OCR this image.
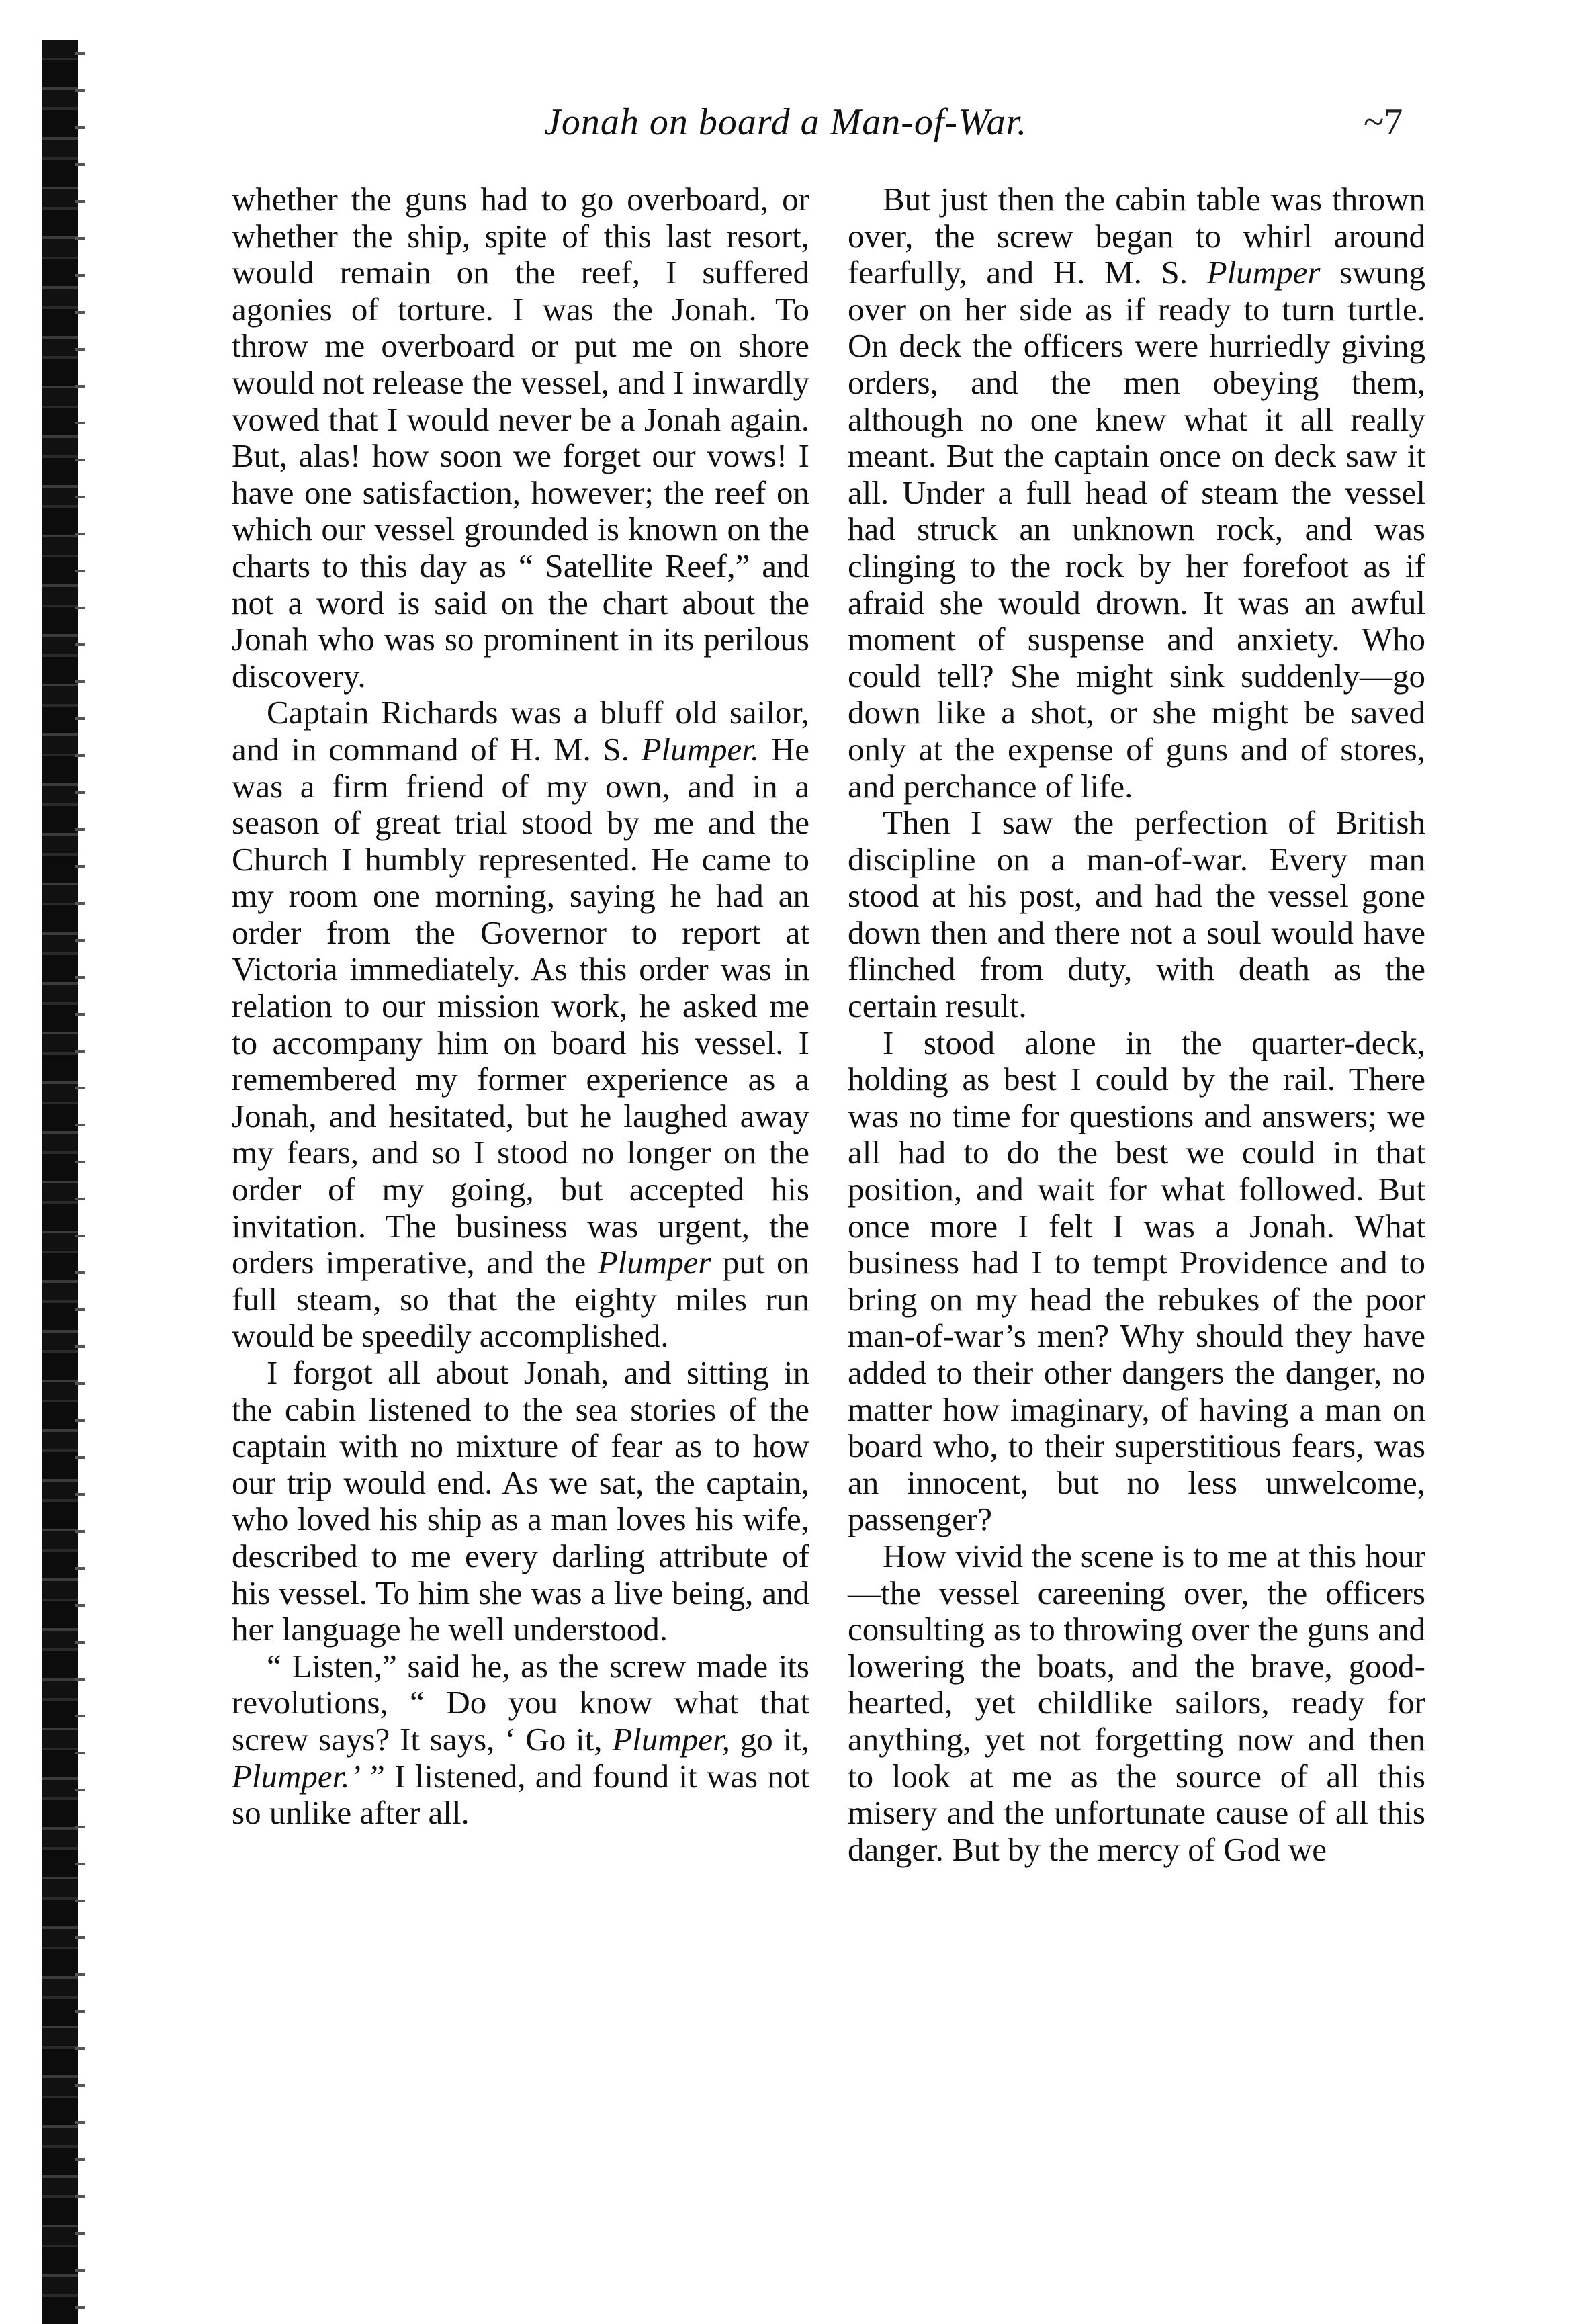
Jonah on board a Man-of-War.	~7

whether the guns had to go overboard, or whether the ship, spite of this last resort, would remain on the reef, I suffered agonies of torture. I was the Jonah. To throw me overboard or put me on shore would not release the vessel, and I inwardly vowed that I would never be a Jonah again. But, alas! how soon we forget our vows! I have one satisfaction, however; the reef on which our vessel grounded is known on the charts to this day as “ Satellite Reef,” and not a word is said on the chart about the Jonah who was so prominent in its perilous discovery.

Captain Richards was a bluff old sailor, and in command of H. M. S. Plumper. He was a firm friend of my own, and in a season of great trial stood by me and the Church I humbly represented. He came to my room one morning, saying he had an order from the Governor to report at Victoria immediately. As this order was in relation to our mission work, he asked me to accompany him on board his vessel. I remembered my former experience as a Jonah, and hesitated, but he laughed away my fears, and so I stood no longer on the order of my going, but accepted his invitation. The business was urgent, the orders imperative, and the Plumper put on full steam, so that the eighty miles run would be speedily accomplished.

I forgot all about Jonah, and sitting in the cabin listened to the sea stories of the captain with no mixture of fear as to how our trip would end. As we sat, the captain, who loved his ship as a man loves his wife, described to me every darling attribute of his vessel. To him she was a live being, and her language he well understood.

“ Listen,” said he, as the screw made its revolutions, “ Do you know what that screw says? It says, ‘ Go it, Plumper, go it, Plumper.’ ” I listened, and found it was not so unlike after all.

But just then the cabin table was thrown over, the screw began to whirl around fearfully, and H. M. S. Plumper swung over on her side as if ready to turn turtle. On deck the officers were hurriedly giving orders, and the men obeying them, although no one knew what it all really meant. But the captain once on deck saw it all. Under a full head of steam the vessel had struck an unknown rock, and was clinging to the rock by her forefoot as if afraid she would drown. It was an awful moment of suspense and anxiety. Who could tell? She might sink suddenly—go down like a shot, or she might be saved only at the expense of guns and of stores, and perchance of life.

Then I saw the perfection of British discipline on a man-of-war. Every man stood at his post, and had the vessel gone down then and there not a soul would have flinched from duty, with death as the certain result.

I stood alone in the quarter-deck, holding as best I could by the rail. There was no time for questions and answers; we all had to do the best we could in that position, and wait for what followed. But once more I felt I was a Jonah. What business had I to tempt Providence and to bring on my head the rebukes of the poor man-of-war’s men? Why should they have added to their other dangers the danger, no matter how imaginary, of having a man on board who, to their superstitious fears, was an innocent, but no less unwelcome, passenger?

How vivid the scene is to me at this hour—the vessel careening over, the officers consulting as to throwing over the guns and lowering the boats, and the brave, good-hearted, yet childlike sailors, ready for anything, yet not forgetting now and then to look at me as the source of all this misery and the unfortunate cause of all this danger. But by the mercy of God we
